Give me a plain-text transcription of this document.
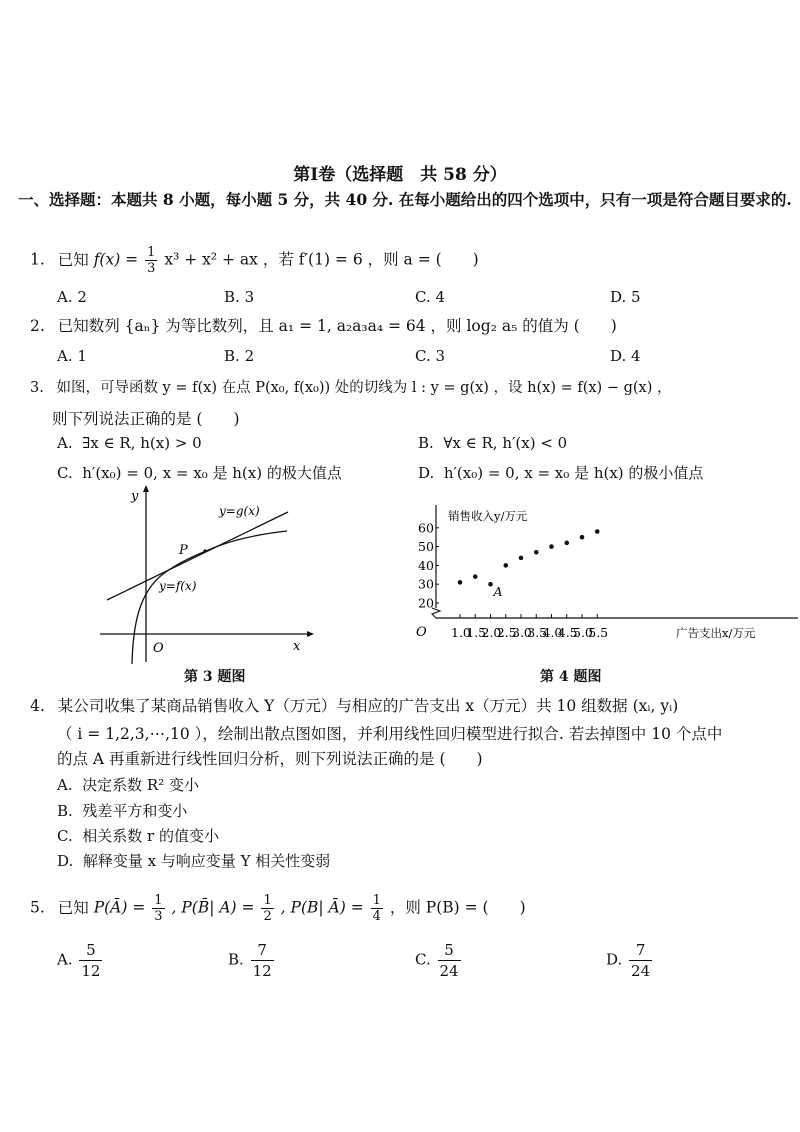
第Ⅰ卷（选择题　共 58 分）
一、选择题：本题共 8 小题，每小题 5 分，共 40 分. 在每小题给出的四个选项中，只有一项是符合题目要求的.
1. 已知 $f(x) = \frac{1}{3} x^3 + x^2$ + ax ，若 f′(1) = 6 ，则 a = (　　)
A. 2	B. 3	C. 4	D. 5
2. 已知数列 {aₙ} 为等比数列，且 a₁ = 1, a₂a₃a₄ = 64 ，则 log₂ a₅ 的值为 (　　)
A. 1	B. 2	C. 3	D. 4
3. 如图，可导函数 y = f(x) 在点 P(x₀, f(x₀)) 处的切线为 l : y = g(x) ，设 h(x) = f(x) − g(x) ，
则下列说法正确的是 (　　)
A. ∃x ∈ R, h(x) > 0	B. ∀x ∈ R, h′(x) < 0
C. h′(x₀) = 0, x = x₀ 是 h(x) 的极大值点	D. h′(x₀) = 0, x = x₀ 是 h(x) 的极小值点
y
x
O
P
y=g(x)
y=f(x)
第 3 题图
O
销售收入y/万元
广告支出x/万元
20
30
40
50
60
1.0
1.5
2.0
2.5
3.0
3.5
4.0
4.5
5.0
5.5
A
第 4 题图
4. 某公司收集了某商品销售收入 Y（万元）与相应的广告支出 x（万元）共 10 组数据 (xᵢ, yᵢ)
（ i = 1,2,3,⋯,10 ），绘制出散点图如图，并利用线性回归模型进行拟合. 若去掉图中 10 个点中
的点 A 再重新进行线性回归分析，则下列说法正确的是 (　　)
A. 决定系数 R² 变小
B. 残差平方和变小
C. 相关系数 r 的值变小
D. 解释变量 x 与响应变量 Y 相关性变弱
5. 已知 P(Ā) = $\frac{1}{3}$ , P(B̄| $A) = \frac{1}{2}$ , P(B| Ā) = $\frac{1}{4}$ ，则 P(B) = (　　)
A. $\frac{5}{12}$	B. $\frac{7}{12}$	C. $\frac{5}{24}$	D. $\frac{7}{24}$
